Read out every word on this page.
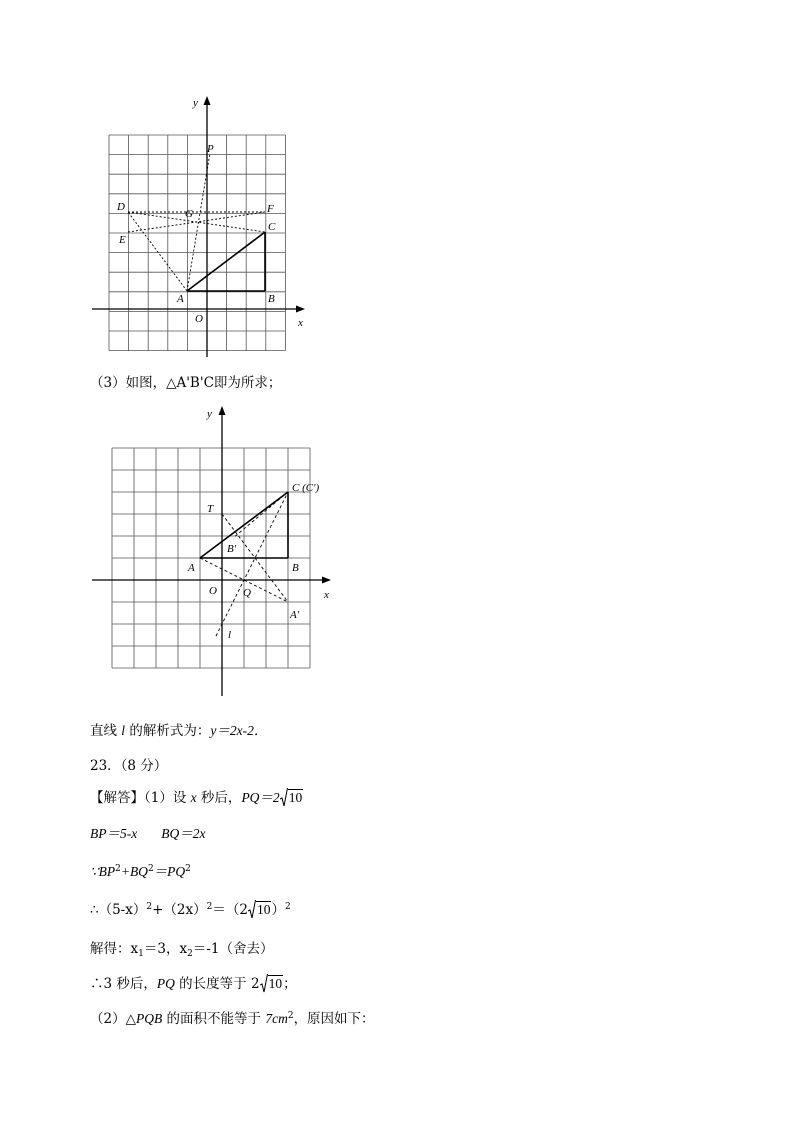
y
x
O
P
G
D	F
E
C
A	B
（3）如图，△A'B'C即为所求；
y
x
O
C (C')
T
B'
A	B
Q
A'
l
直线 l 的解析式为：y＝2x-2．
23．（8 分）
【解答】（1）设 x 秒后，PQ＝2 10
BP＝5-x BQ＝2x
$\because BP^2+BQ^2=PQ^2$
$\therefore(5-x)^2+(2x)^2=(2$ 10）$^2$
解得：$x_1=3$，$x_2=-1$（舍去）
∴3 秒后，PQ 的长度等于 2 10；
（2）△PQB 的面积不能等于 $7cm^2$，原因如下：
